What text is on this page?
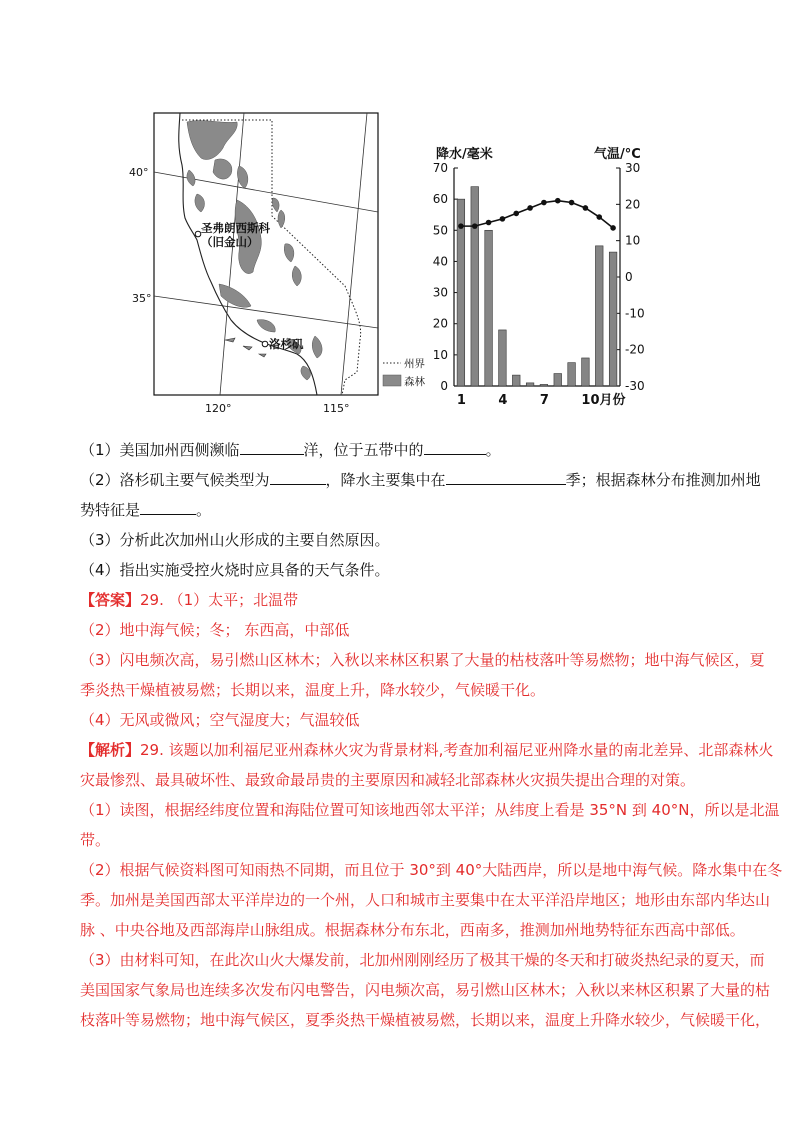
圣弗朗西斯科
（旧金山）
洛杉矶
40°
35°
120°	115°
州界
森林
降水/毫米	气温/°C
0
10
20
30
40
50
60
70	30
20
10
0
-10
-20
-30
1 4 7 10月份
（1）美国加州西侧濒临	洋，位于五带中的	。
（2）洛杉矶主要气候类型为	，降水主要集中在	季；根据森林分布推测加州地
势特征是	。
（3）分析此次加州山火形成的主要自然原因。
（4）指出实施受控火烧时应具备的天气条件。
【答案】29. （1）太平；北温带
（2）地中海气候；冬； 东西高，中部低
（3）闪电频次高，易引燃山区林木；入秋以来林区积累了大量的枯枝落叶等易燃物；地中海气候区，夏
季炎热干燥植被易燃；长期以来，温度上升，降水较少，气候暖干化。
（4）无风或微风；空气湿度大；气温较低
【解析】29. 该题以加利福尼亚州森林火灾为背景材料,考查加利福尼亚州降水量的南北差异、北部森林火
灾最惨烈、最具破坏性、最致命最昂贵的主要原因和减轻北部森林火灾损失提出合理的对策。
（1）读图，根据经纬度位置和海陆位置可知该地西邻太平洋；从纬度上看是 35°N 到 40°N，所以是北温
带。
（2）根据气候资料图可知雨热不同期，而且位于 30°到 40°大陆西岸，所以是地中海气候。降水集中在冬
季。加州是美国西部太平洋岸边的一个州，人口和城市主要集中在太平洋沿岸地区；地形由东部内华达山
脉 、中央谷地及西部海岸山脉组成。根据森林分布东北，西南多，推测加州地势特征东西高中部低。
（3）由材料可知，在此次山火大爆发前，北加州刚刚经历了极其干燥的冬天和打破炎热纪录的夏天，而
美国国家气象局也连续多次发布闪电警告，闪电频次高，易引燃山区林木；入秋以来林区积累了大量的枯
枝落叶等易燃物；地中海气候区，夏季炎热干燥植被易燃，长期以来，温度上升降水较少，气候暖干化，
